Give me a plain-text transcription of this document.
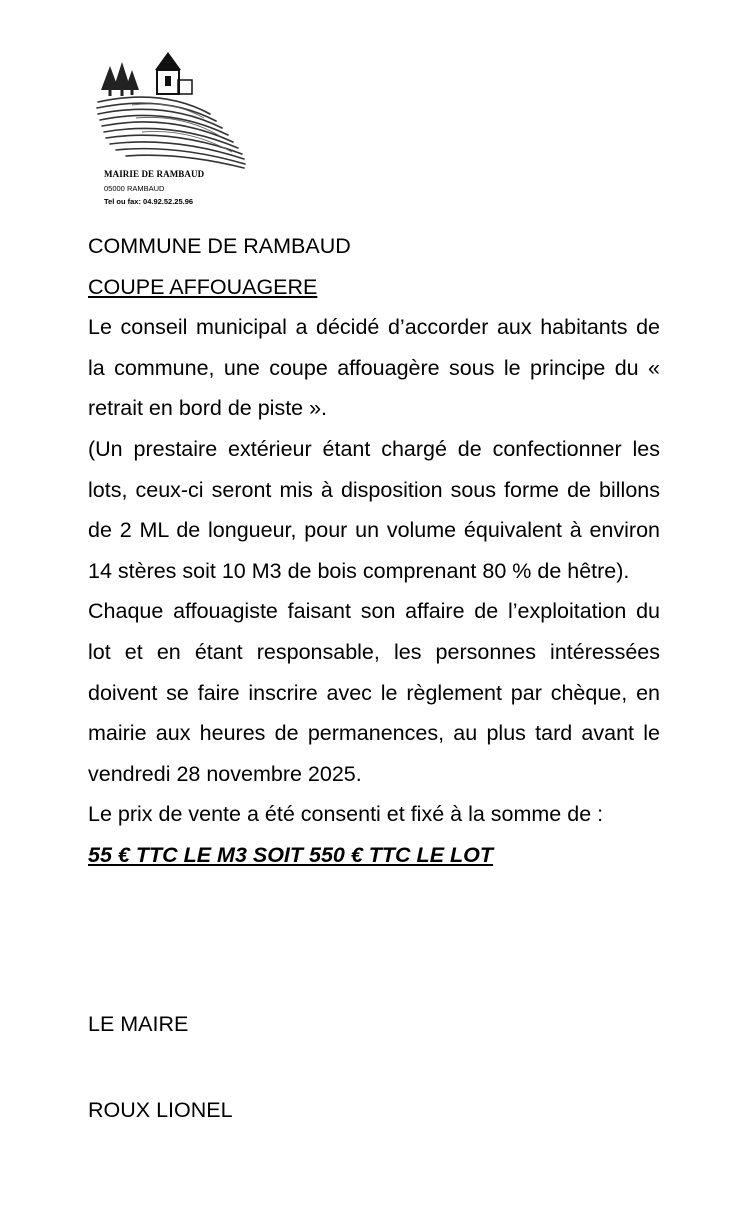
MAIRIE DE RAMBAUD
05000 RAMBAUD
Tel ou fax: 04.92.52.25.96
COMMUNE DE RAMBAUD
COUPE AFFOUAGERE

Le conseil municipal a décidé d’accorder aux habitants de la commune, une coupe affouagère sous le principe du « retrait en bord de piste ».

(Un prestaire extérieur étant chargé de confectionner les lots, ceux-ci seront mis à disposition sous forme de billons de 2 ML de longueur, pour un volume équivalent à environ 14 stères soit 10 M3 de bois comprenant 80 % de hêtre).

Chaque affouagiste faisant son affaire de l’exploitation du lot et en étant responsable, les personnes intéressées doivent se faire inscrire avec le règlement par chèque, en mairie aux heures de permanences, au plus tard avant le vendredi 28 novembre 2025.

Le prix de vente a été consenti et fixé à la somme de :

55 € TTC LE M3 SOIT 550 € TTC LE LOT
LE MAIRE
ROUX LIONEL
